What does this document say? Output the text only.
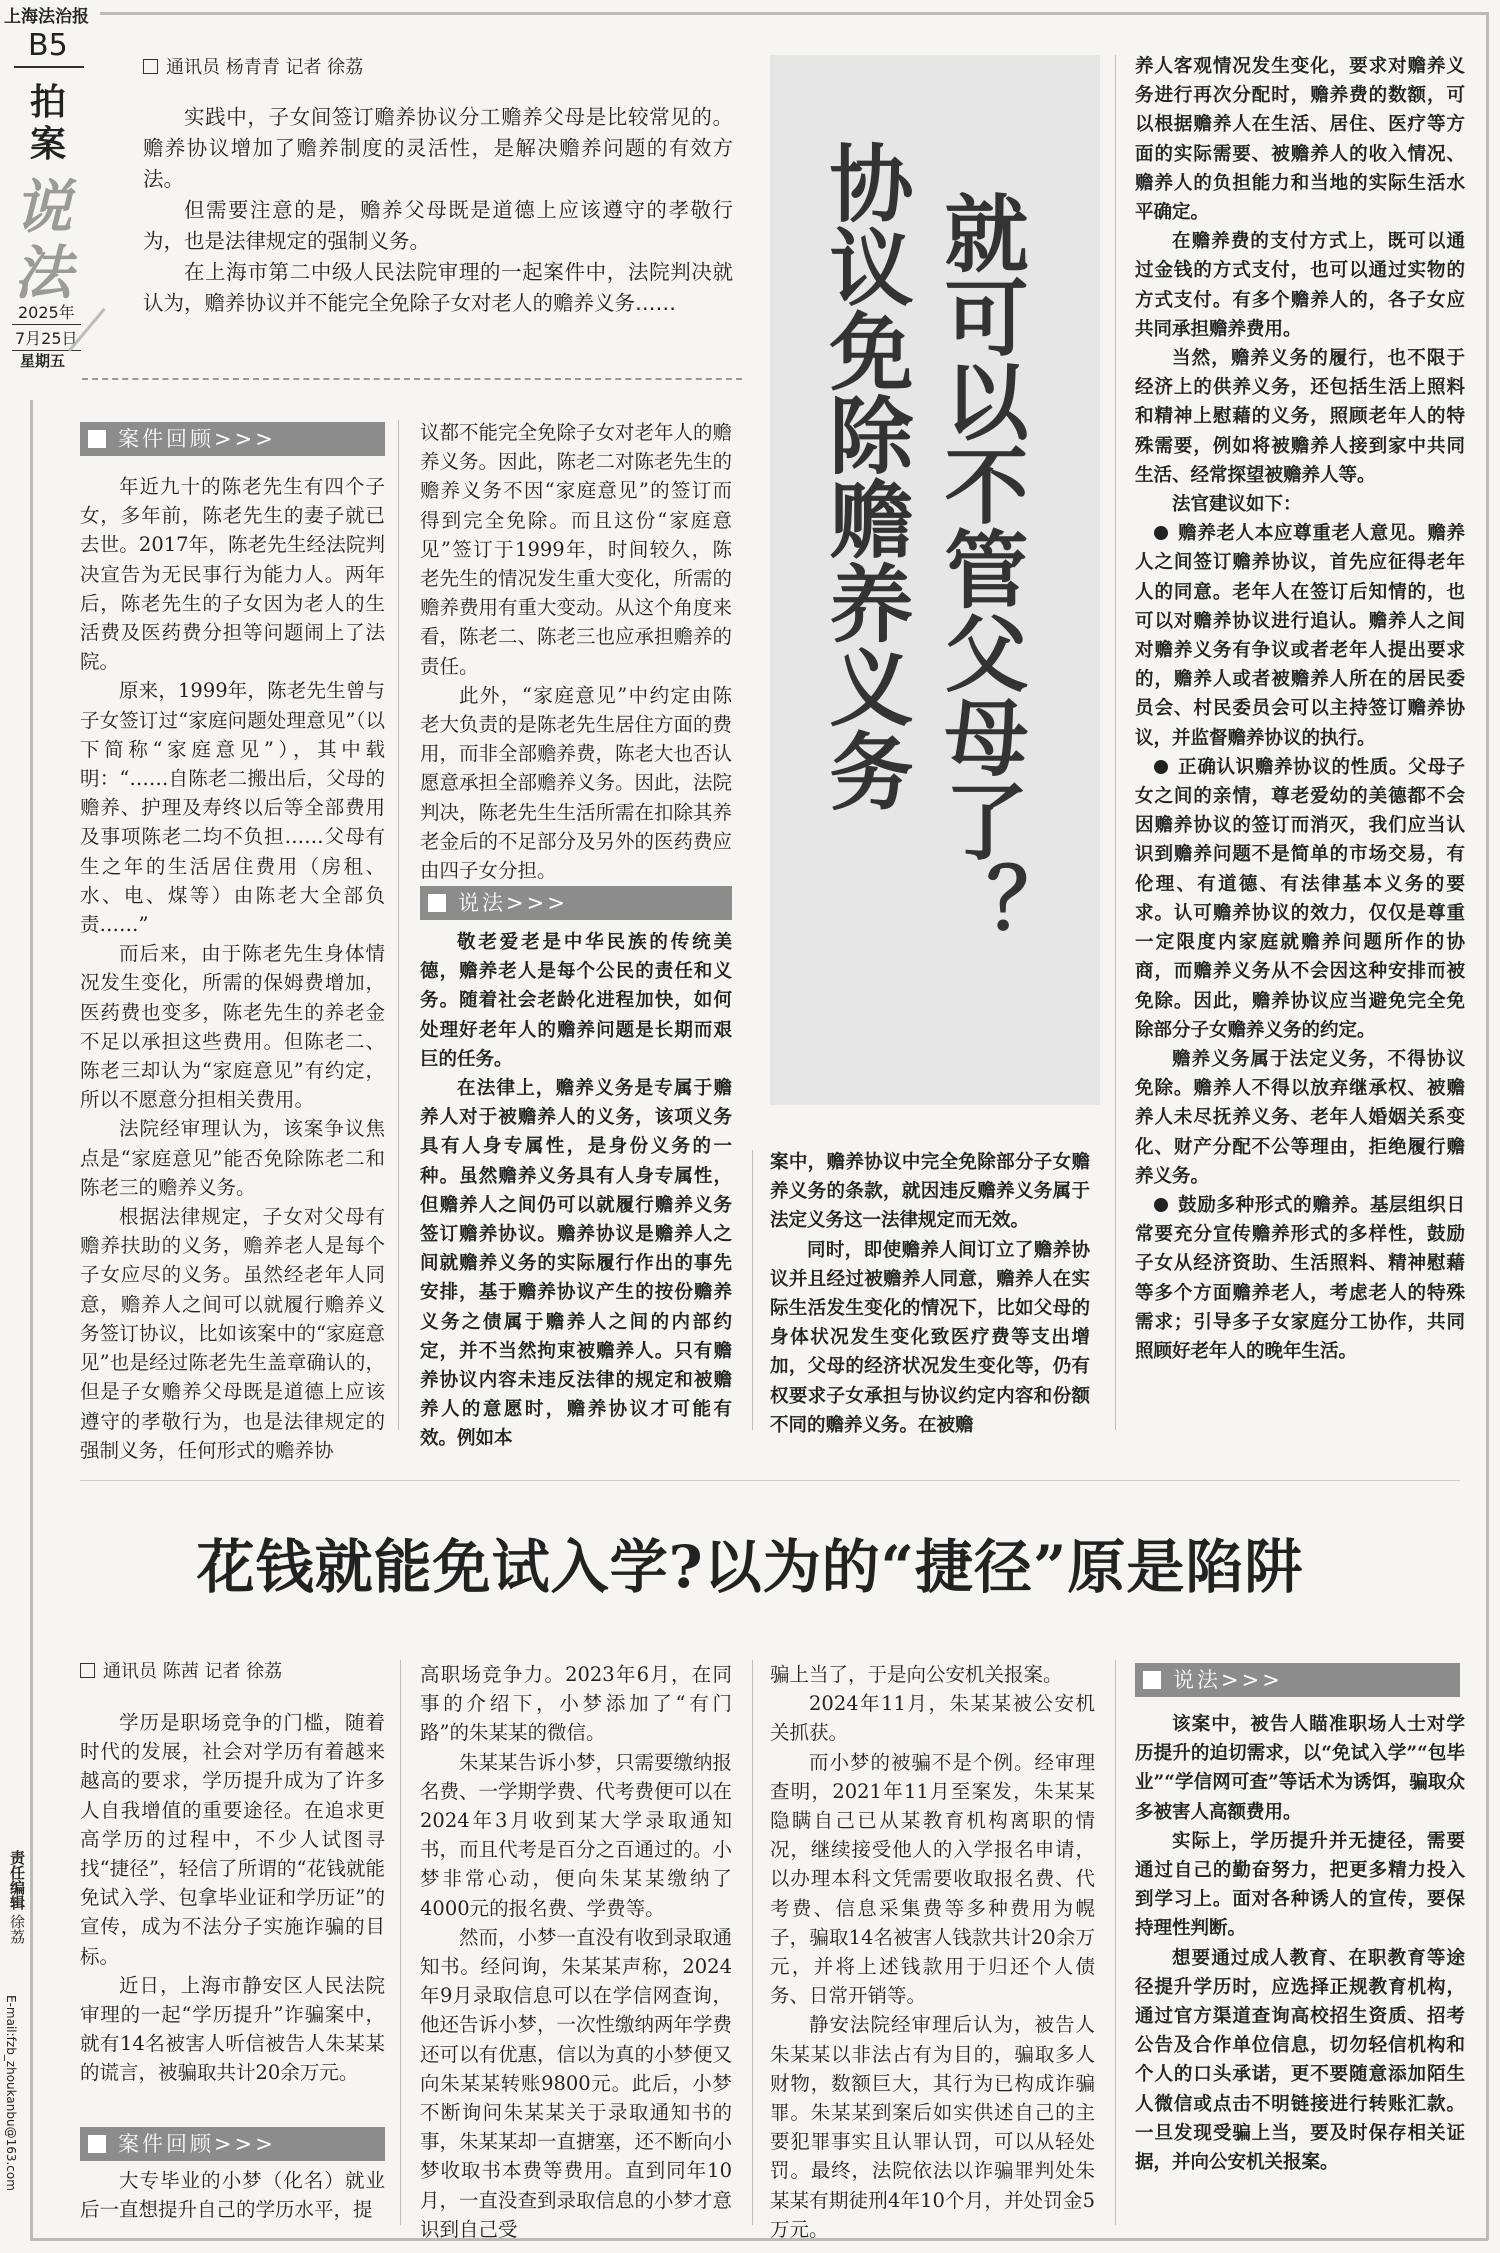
上海法治报
B5
拍
案
说
法
2025年
7月25日
星期五
责任编辑徐荔
E-mail:fzb_zhoukanbu@163.com
通讯员 杨青青 记者 徐荔

实践中，子女间签订赡养协议分工赡养父母是比较常见的。赡养协议增加了赡养制度的灵活性，是解决赡养问题的有效方法。

但需要注意的是，赡养父母既是道德上应该遵守的孝敬行为，也是法律规定的强制义务。

在上海市第二中级人民法院审理的一起案件中，法院判决就认为，赡养协议并不能完全免除子女对老人的赡养义务……	就可以不管父母了？
协议免除赡养义务
案件回顾>>>

年近九十的陈老先生有四个子女，多年前，陈老先生的妻子就已去世。2017年，陈老先生经法院判决宣告为无民事行为能力人。两年后，陈老先生的子女因为老人的生活费及医药费分担等问题闹上了法院。

原来，1999年，陈老先生曾与子女签订过“家庭问题处理意见”（以下简称“家庭意见”），其中载明：“……自陈老二搬出后，父母的赡养、护理及寿终以后等全部费用及事项陈老二均不负担……父母有生之年的生活居住费用（房租、水、电、煤等）由陈老大全部负责……”

而后来，由于陈老先生身体情况发生变化，所需的保姆费增加，医药费也变多，陈老先生的养老金不足以承担这些费用。但陈老二、陈老三却认为“家庭意见”有约定，所以不愿意分担相关费用。

法院经审理认为，该案争议焦点是“家庭意见”能否免除陈老二和陈老三的赡养义务。

根据法律规定，子女对父母有赡养扶助的义务，赡养老人是每个子女应尽的义务。虽然经老年人同意，赡养人之间可以就履行赡养义务签订协议，比如该案中的“家庭意见”也是经过陈老先生盖章确认的，但是子女赡养父母既是道德上应该遵守的孝敬行为，也是法律规定的强制义务，任何形式的赡养协

议都不能完全免除子女对老年人的赡养义务。因此，陈老二对陈老先生的赡养义务不因“家庭意见”的签订而得到完全免除。而且这份“家庭意见”签订于1999年，时间较久，陈老先生的情况发生重大变化，所需的赡养费用有重大变动。从这个角度来看，陈老二、陈老三也应承担赡养的责任。

此外，“家庭意见”中约定由陈老大负责的是陈老先生居住方面的费用，而非全部赡养费，陈老大也否认愿意承担全部赡养义务。因此，法院判决，陈老先生生活所需在扣除其养老金后的不足部分及另外的医药费应由四子女分担。

说法>>>

敬老爱老是中华民族的传统美德，赡养老人是每个公民的责任和义务。随着社会老龄化进程加快，如何处理好老年人的赡养问题是长期而艰巨的任务。

在法律上，赡养义务是专属于赡养人对于被赡养人的义务，该项义务具有人身专属性，是身份义务的一种。虽然赡养义务具有人身专属性，但赡养人之间仍可以就履行赡养义务签订赡养协议。赡养协议是赡养人之间就赡养义务的实际履行作出的事先安排，基于赡养协议产生的按份赡养义务之债属于赡养人之间的内部约定，并不当然拘束被赡养人。只有赡养协议内容未违反法律的规定和被赡养人的意愿时，赡养协议才可能有效。例如本

案中，赡养协议中完全免除部分子女赡养义务的条款，就因违反赡养义务属于法定义务这一法律规定而无效。

同时，即使赡养人间订立了赡养协议并且经过被赡养人同意，赡养人在实际生活发生变化的情况下，比如父母的身体状况发生变化致医疗费等支出增加，父母的经济状况发生变化等，仍有权要求子女承担与协议约定内容和份额不同的赡养义务。在被赡

养人客观情况发生变化，要求对赡养义务进行再次分配时，赡养费的数额，可以根据赡养人在生活、居住、医疗等方面的实际需要、被赡养人的收入情况、赡养人的负担能力和当地的实际生活水平确定。

在赡养费的支付方式上，既可以通过金钱的方式支付，也可以通过实物的方式支付。有多个赡养人的，各子女应共同承担赡养费用。

当然，赡养义务的履行，也不限于经济上的供养义务，还包括生活上照料和精神上慰藉的义务，照顾老年人的特殊需要，例如将被赡养人接到家中共同生活、经常探望被赡养人等。

法官建议如下：

赡养老人本应尊重老人意见。赡养人之间签订赡养协议，首先应征得老年人的同意。老年人在签订后知情的，也可以对赡养协议进行追认。赡养人之间对赡养义务有争议或者老年人提出要求的，赡养人或者被赡养人所在的居民委员会、村民委员会可以主持签订赡养协议，并监督赡养协议的执行。

正确认识赡养协议的性质。父母子女之间的亲情，尊老爱幼的美德都不会因赡养协议的签订而消灭，我们应当认识到赡养问题不是简单的市场交易，有伦理、有道德、有法律基本义务的要求。认可赡养协议的效力，仅仅是尊重一定限度内家庭就赡养问题所作的协商，而赡养义务从不会因这种安排而被免除。因此，赡养协议应当避免完全免除部分子女赡养义务的约定。

赡养义务属于法定义务，不得协议免除。赡养人不得以放弃继承权、被赡养人未尽抚养义务、老年人婚姻关系变化、财产分配不公等理由，拒绝履行赡养义务。

鼓励多种形式的赡养。基层组织日常要充分宣传赡养形式的多样性，鼓励子女从经济资助、生活照料、精神慰藉等多个方面赡养老人，考虑老人的特殊需求；引导多子女家庭分工协作，共同照顾好老年人的晚年生活。

花钱就能免试入学?以为的“捷径”原是陷阱
通讯员 陈茜 记者 徐荔

学历是职场竞争的门槛，随着时代的发展，社会对学历有着越来越高的要求，学历提升成为了许多人自我增值的重要途径。在追求更高学历的过程中，不少人试图寻找“捷径”，轻信了所谓的“花钱就能免试入学、包拿毕业证和学历证”的宣传，成为不法分子实施诈骗的目标。

近日，上海市静安区人民法院审理的一起“学历提升”诈骗案中，就有14名被害人听信被告人朱某某的谎言，被骗取共计20余万元。

案件回顾>>>

大专毕业的小梦（化名）就业后一直想提升自己的学历水平，提

高职场竞争力。2023年6月，在同事的介绍下，小梦添加了“有门路”的朱某某的微信。

朱某某告诉小梦，只需要缴纳报名费、一学期学费、代考费便可以在2024年3月收到某大学录取通知书，而且代考是百分之百通过的。小梦非常心动，便向朱某某缴纳了4000元的报名费、学费等。

然而，小梦一直没有收到录取通知书。经问询，朱某某声称，2024年9月录取信息可以在学信网查询，他还告诉小梦，一次性缴纳两年学费还可以有优惠，信以为真的小梦便又向朱某某转账9800元。此后，小梦不断询问朱某某关于录取通知书的事，朱某某却一直搪塞，还不断向小梦收取书本费等费用。直到同年10月，一直没查到录取信息的小梦才意识到自己受

骗上当了，于是向公安机关报案。

2024年11月，朱某某被公安机关抓获。

而小梦的被骗不是个例。经审理查明，2021年11月至案发，朱某某隐瞒自己已从某教育机构离职的情况，继续接受他人的入学报名申请，以办理本科文凭需要收取报名费、代考费、信息采集费等多种费用为幌子，骗取14名被害人钱款共计20余万元，并将上述钱款用于归还个人债务、日常开销等。

静安法院经审理后认为，被告人朱某某以非法占有为目的，骗取多人财物，数额巨大，其行为已构成诈骗罪。朱某某到案后如实供述自己的主要犯罪事实且认罪认罚，可以从轻处罚。最终，法院依法以诈骗罪判处朱某某有期徒刑4年10个月，并处罚金5万元。

说法>>>

该案中，被告人瞄准职场人士对学历提升的迫切需求，以“免试入学”“包毕业”“学信网可查”等话术为诱饵，骗取众多被害人高额费用。

实际上，学历提升并无捷径，需要通过自己的勤奋努力，把更多精力投入到学习上。面对各种诱人的宣传，要保持理性判断。

想要通过成人教育、在职教育等途径提升学历时，应选择正规教育机构，通过官方渠道查询高校招生资质、招考公告及合作单位信息，切勿轻信机构和个人的口头承诺，更不要随意添加陌生人微信或点击不明链接进行转账汇款。一旦发现受骗上当，要及时保存相关证据，并向公安机关报案。
